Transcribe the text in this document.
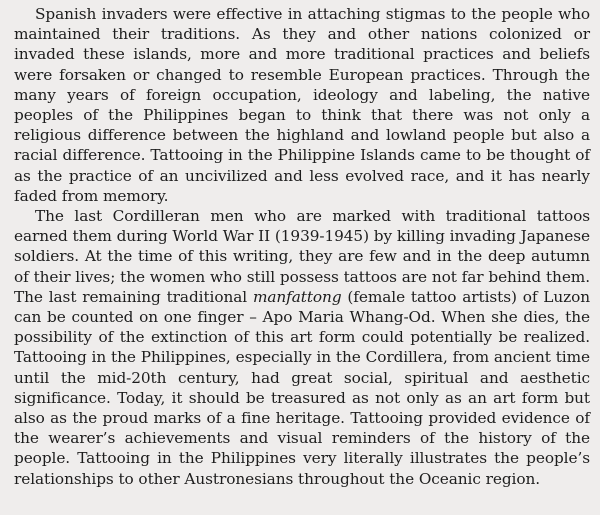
Spanish invaders were effective in attaching stigmas to the people who maintained their traditions. As they and other nations colonized or invaded these islands, more and more traditional practices and beliefs were forsaken or changed to resemble European practices. Through the many years of foreign occupation, ideology and labeling, the native peoples of the Philippines began to think that there was not only a religious difference between the highland and lowland people but also a racial difference. Tattooing in the Philippine Islands came to be thought of as the practice of an uncivilized and less evolved race, and it has nearly faded from memory.

The last Cordilleran men who are marked with traditional tattoos earned them during World War II (1939-1945) by killing invading Japanese soldiers. At the time of this writing, they are few and in the deep autumn of their lives; the women who still possess tattoos are not far behind them. The last remaining traditional manfattong (female tattoo artists) of Luzon can be counted on one finger – Apo Maria Whang-Od. When she dies, the possibility of the extinction of this art form could potentially be realized. Tattooing in the Philippines, especially in the Cordillera, from ancient time until the mid-20th century, had great social, spiritual and aesthetic significance. Today, it should be treasured as not only as an art form but also as the proud marks of a fine heritage. Tattooing provided evidence of the wearer’s achievements and visual reminders of the history of the people. Tattooing in the Philippines very literally illustrates the people’s relationships to other Austronesians throughout the Oceanic region.
